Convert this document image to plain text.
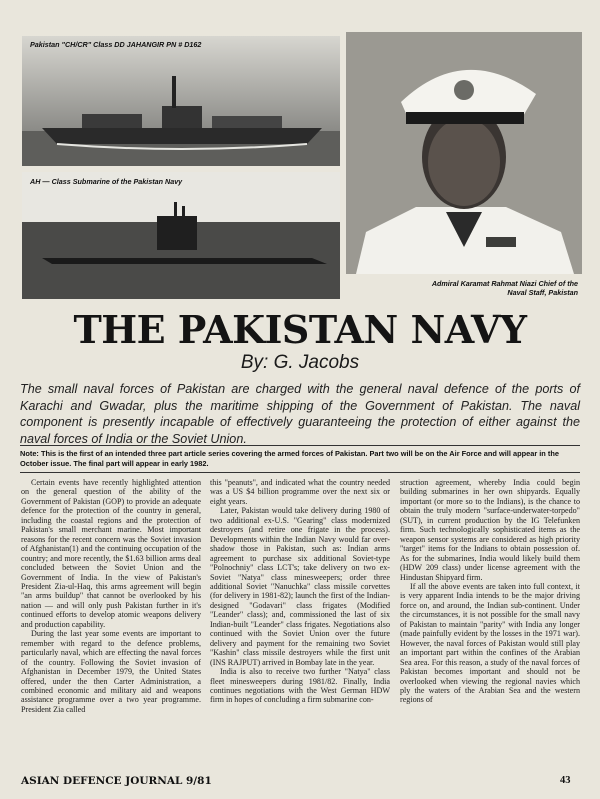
Pakistan "CH/CR" Class DD JAHANGIR PN # D162
AH — Class Submarine of the Pakistan Navy
Admiral Karamat Rahmat Niazi Chief of the
Naval Staff, Pakistan
THE PAKISTAN NAVY
By: G. Jacobs
The small naval forces of Pakistan are charged with the general naval defence of the ports of Karachi and Gwadar, plus the maritime shipping of the Government of Pakistan. The naval component is presently incapable of effectively guaranteeing the protection of either against the naval forces of India or the Soviet Union.
Note: This is the first of an intended three part article series covering the armed forces of Pakistan. Part two will be on the Air Force and will appear in the October issue. The final part will appear in early 1982.

Certain events have recently highlighted attention on the general question of the ability of the Government of Pakistan (GOP) to provide an adequate defence for the protection of the country in general, including the coastal regions and the protection of Pakistan's small merchant marine. Most important reasons for the recent concern was the Soviet invasion of Afghanistan(1) and the continuing occupation of the country; and more recently, the $1.63 billion arms deal concluded between the Soviet Union and the Government of India. In the view of Pakistan's President Zia-ul-Haq, this arms agreement will begin "an arms buildup" that cannot be overlooked by his nation — and will only push Pakistan further in it's continued efforts to develop atomic weapons delivery and production capability.

During the last year some events are important to remember with regard to the defence problems, particularly naval, which are effecting the naval forces of the country. Following the Soviet invasion of Afghanistan in December 1979, the United States offered, under the then Carter Administration, a combined economic and military aid and weapons assistance programme over a two year programme. President Zia called

this "peanuts", and indicated what the country needed was a US $4 billion programme over the next six or eight years.

Later, Pakistan would take delivery during 1980 of two additional ex-U.S. "Gearing" class modernized destroyers (and retire one frigate in the process). Developments within the Indian Navy would far over-shadow those in Pakistan, such as: Indian arms agreement to purchase six additional Soviet-type "Polnochniy" class LCT's; take delivery on two ex-Soviet "Natya" class minesweepers; order three additional Soviet "Nanuchka" class missile corvettes (for delivery in 1981-82); launch the first of the Indian-designed "Godavari" class frigates (Modified "Leander" class); and, commissioned the last of six Indian-built "Leander" class frigates. Negotiations also continued with the Soviet Union over the future delivery and payment for the remaining two Soviet "Kashin" class missile destroyers while the first unit (INS RAJPUT) arrived in Bombay late in the year.

India is also to receive two further "Natya" class fleet minesweepers during 1981/82. Finally, India continues negotiations with the West German HDW firm in hopes of concluding a firm submarine con-

struction agreement, whereby India could begin building submarines in her own shipyards. Equally important (or more so to the Indians), is the chance to obtain the truly modern "surface-underwater-torpedo" (SUT), in current production by the IG Telefunken firm. Such technologically sophisticated items as the weapon sensor systems are considered as high priority "target" items for the Indians to obtain possession of. As for the submarines, India would likely build them (HDW 209 class) under license agreement with the Hindustan Shipyard firm.

If all the above events are taken into full context, it is very apparent India intends to be the major driving force on, and around, the Indian sub-continent. Under the circumstances, it is not possible for the small navy of Pakistan to maintain "parity" with India any longer (made painfully evident by the losses in the 1971 war). However, the naval forces of Pakistan would still play an important part within the confines of the Arabian Sea area. For this reason, a study of the naval forces of Pakistan becomes important and should not be overlooked when viewing the regional navies which ply the waters of the Arabian Sea and the western regions of

ASIAN DEFENCE JOURNAL 9/81	43
